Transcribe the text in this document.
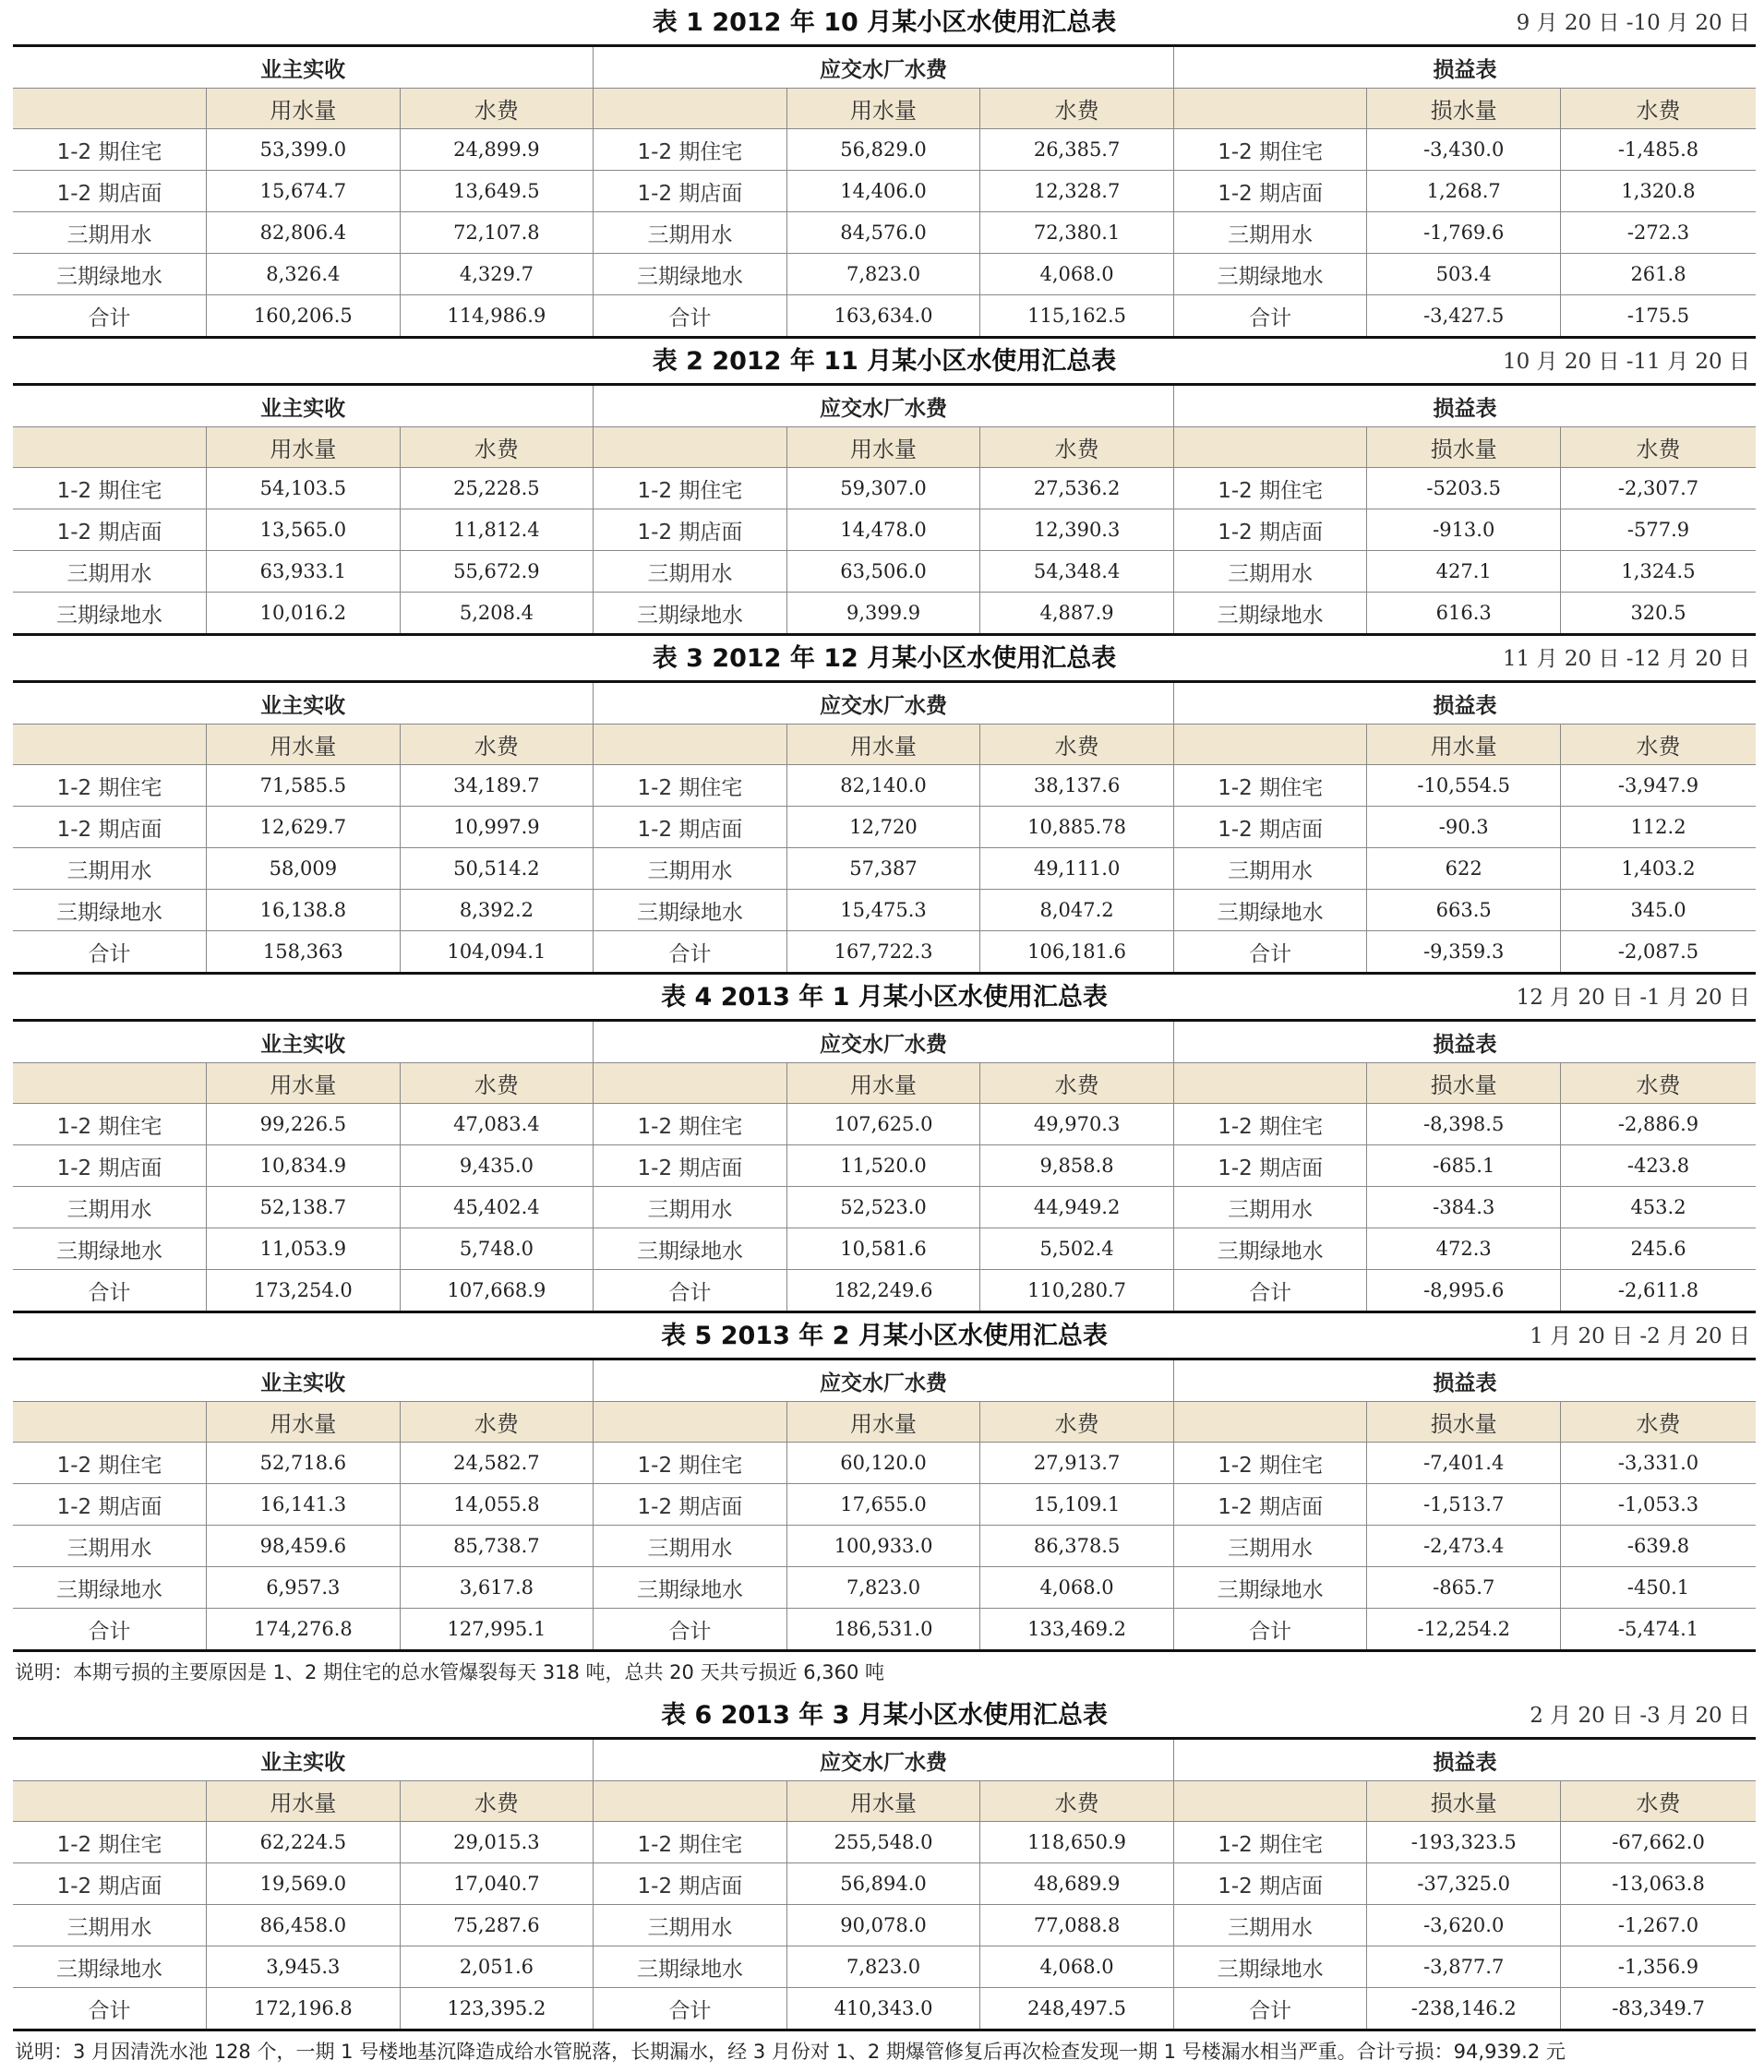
表 1 2012 年 10 月某小区水使用汇总表	9 月 20 日 -10 月 20 日
业主实收			应交水厂水费			损益表		
	用水量	水费		用水量	水费		损水量	水费
1-2 期住宅	53,399.0	24,899.9	1-2 期住宅	56,829.0	26,385.7	1-2 期住宅	-3,430.0	-1,485.8
1-2 期店面	15,674.7	13,649.5	1-2 期店面	14,406.0	12,328.7	1-2 期店面	1,268.7	1,320.8
三期用水	82,806.4	72,107.8	三期用水	84,576.0	72,380.1	三期用水	-1,769.6	-272.3
三期绿地水	8,326.4	4,329.7	三期绿地水	7,823.0	4,068.0	三期绿地水	503.4	261.8
合计	160,206.5	114,986.9	合计	163,634.0	115,162.5	合计	-3,427.5	-175.5
表 2 2012 年 11 月某小区水使用汇总表	10 月 20 日 -11 月 20 日
业主实收			应交水厂水费			损益表		
	用水量	水费		用水量	水费		损水量	水费
1-2 期住宅	54,103.5	25,228.5	1-2 期住宅	59,307.0	27,536.2	1-2 期住宅	-5203.5	-2,307.7
1-2 期店面	13,565.0	11,812.4	1-2 期店面	14,478.0	12,390.3	1-2 期店面	-913.0	-577.9
三期用水	63,933.1	55,672.9	三期用水	63,506.0	54,348.4	三期用水	427.1	1,324.5
三期绿地水	10,016.2	5,208.4	三期绿地水	9,399.9	4,887.9	三期绿地水	616.3	320.5
表 3 2012 年 12 月某小区水使用汇总表	11 月 20 日 -12 月 20 日
业主实收			应交水厂水费			损益表		
	用水量	水费		用水量	水费		用水量	水费
1-2 期住宅	71,585.5	34,189.7	1-2 期住宅	82,140.0	38,137.6	1-2 期住宅	-10,554.5	-3,947.9
1-2 期店面	12,629.7	10,997.9	1-2 期店面	12,720	10,885.78	1-2 期店面	-90.3	112.2
三期用水	58,009	50,514.2	三期用水	57,387	49,111.0	三期用水	622	1,403.2
三期绿地水	16,138.8	8,392.2	三期绿地水	15,475.3	8,047.2	三期绿地水	663.5	345.0
合计	158,363	104,094.1	合计	167,722.3	106,181.6	合计	-9,359.3	-2,087.5
表 4 2013 年 1 月某小区水使用汇总表	12 月 20 日 -1 月 20 日
业主实收			应交水厂水费			损益表		
	用水量	水费		用水量	水费		损水量	水费
1-2 期住宅	99,226.5	47,083.4	1-2 期住宅	107,625.0	49,970.3	1-2 期住宅	-8,398.5	-2,886.9
1-2 期店面	10,834.9	9,435.0	1-2 期店面	11,520.0	9,858.8	1-2 期店面	-685.1	-423.8
三期用水	52,138.7	45,402.4	三期用水	52,523.0	44,949.2	三期用水	-384.3	453.2
三期绿地水	11,053.9	5,748.0	三期绿地水	10,581.6	5,502.4	三期绿地水	472.3	245.6
合计	173,254.0	107,668.9	合计	182,249.6	110,280.7	合计	-8,995.6	-2,611.8
表 5 2013 年 2 月某小区水使用汇总表	1 月 20 日 -2 月 20 日
业主实收			应交水厂水费			损益表		
	用水量	水费		用水量	水费		损水量	水费
1-2 期住宅	52,718.6	24,582.7	1-2 期住宅	60,120.0	27,913.7	1-2 期住宅	-7,401.4	-3,331.0
1-2 期店面	16,141.3	14,055.8	1-2 期店面	17,655.0	15,109.1	1-2 期店面	-1,513.7	-1,053.3
三期用水	98,459.6	85,738.7	三期用水	100,933.0	86,378.5	三期用水	-2,473.4	-639.8
三期绿地水	6,957.3	3,617.8	三期绿地水	7,823.0	4,068.0	三期绿地水	-865.7	-450.1
合计	174,276.8	127,995.1	合计	186,531.0	133,469.2	合计	-12,254.2	-5,474.1
说明：本期亏损的主要原因是 1、2 期住宅的总水管爆裂每天 318 吨，总共 20 天共亏损近 6,360 吨
表 6 2013 年 3 月某小区水使用汇总表	2 月 20 日 -3 月 20 日
业主实收			应交水厂水费			损益表		
	用水量	水费		用水量	水费		损水量	水费
1-2 期住宅	62,224.5	29,015.3	1-2 期住宅	255,548.0	118,650.9	1-2 期住宅	-193,323.5	-67,662.0
1-2 期店面	19,569.0	17,040.7	1-2 期店面	56,894.0	48,689.9	1-2 期店面	-37,325.0	-13,063.8
三期用水	86,458.0	75,287.6	三期用水	90,078.0	77,088.8	三期用水	-3,620.0	-1,267.0
三期绿地水	3,945.3	2,051.6	三期绿地水	7,823.0	4,068.0	三期绿地水	-3,877.7	-1,356.9
合计	172,196.8	123,395.2	合计	410,343.0	248,497.5	合计	-238,146.2	-83,349.7
说明：3 月因清洗水池 128 个，一期 1 号楼地基沉降造成给水管脱落，长期漏水，经 3 月份对 1、2 期爆管修复后再次检查发现一期 1 号楼漏水相当严重。合计亏损：94,939.2 元
